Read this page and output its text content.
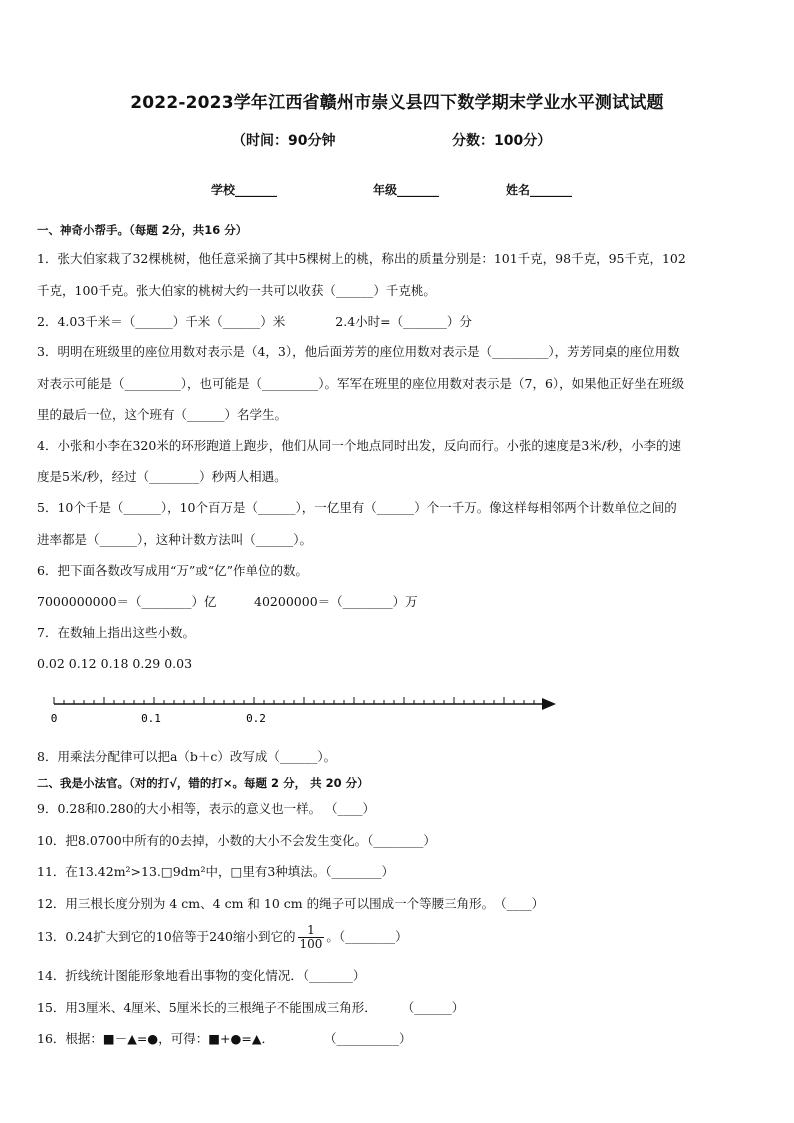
2022-2023学年江西省赣州市崇义县四下数学期末学业水平测试试题
（时间：90分钟	分数：100分）
学校_______	年级_______	姓名_______
一、神奇小帮手。（每题 2分，共16 分）
1．张大伯家栽了32棵桃树，他任意采摘了其中5棵树上的桃，称出的质量分别是：101千克，98千克，95千克，102
千克，100千克。张大伯家的桃树大约一共可以收获（______）千克桃。
2．4.03千米＝（______）千米（______）米　　　　2.4小时=（_______）分
3．明明在班级里的座位用数对表示是（4，3），他后面芳芳的座位用数对表示是（_________），芳芳同桌的座位用数
对表示可能是（_________），也可能是（_________）。军军在班里的座位用数对表示是（7，6），如果他正好坐在班级
里的最后一位，这个班有（______）名学生。
4．小张和小李在320米的环形跑道上跑步，他们从同一个地点同时出发，反向而行。小张的速度是3米/秒，小李的速
度是5米/秒，经过（________）秒两人相遇。
5．10个千是（______），10个百万是（______），一亿里有（______）个一千万。像这样每相邻两个计数单位之间的
进率都是（______），这种计数方法叫（______）。
6．把下面各数改写成用“万”或“亿”作单位的数。
7000000000＝（________）亿　　　40200000＝（________）万
7．在数轴上指出这些小数。
0.02 0.12 0.18 0.29 0.03
0	0.1	0.2
8．用乘法分配律可以把a（b＋c）改写成（______）。
二、我是小法官。（对的打√，错的打×。每题 2 分， 共 20 分）
9．0.28和0.280的大小相等，表示的意义也一样。 （____）
10．把8.0700中所有的0去掉，小数的大小不会发生变化。（________）
11．在13.42m²>13.□9dm²中，□里有3种填法。（________）
12．用三根长度分别为 4 cm、4 cm 和 10 cm 的绳子可以围成一个等腰三角形。　（____）
13．0.24扩大到它的10倍等于240缩小到它的 $\frac{1}{100}$ 。（________）
14．折线统计图能形象地看出事物的变化情况．（_______）
15．用3厘米、4厘米、5厘米长的三根绳子不能围成三角形．　　　（______）
16．根据：■－▲=●，可得：■+●=▲．　　　　　（__________）
